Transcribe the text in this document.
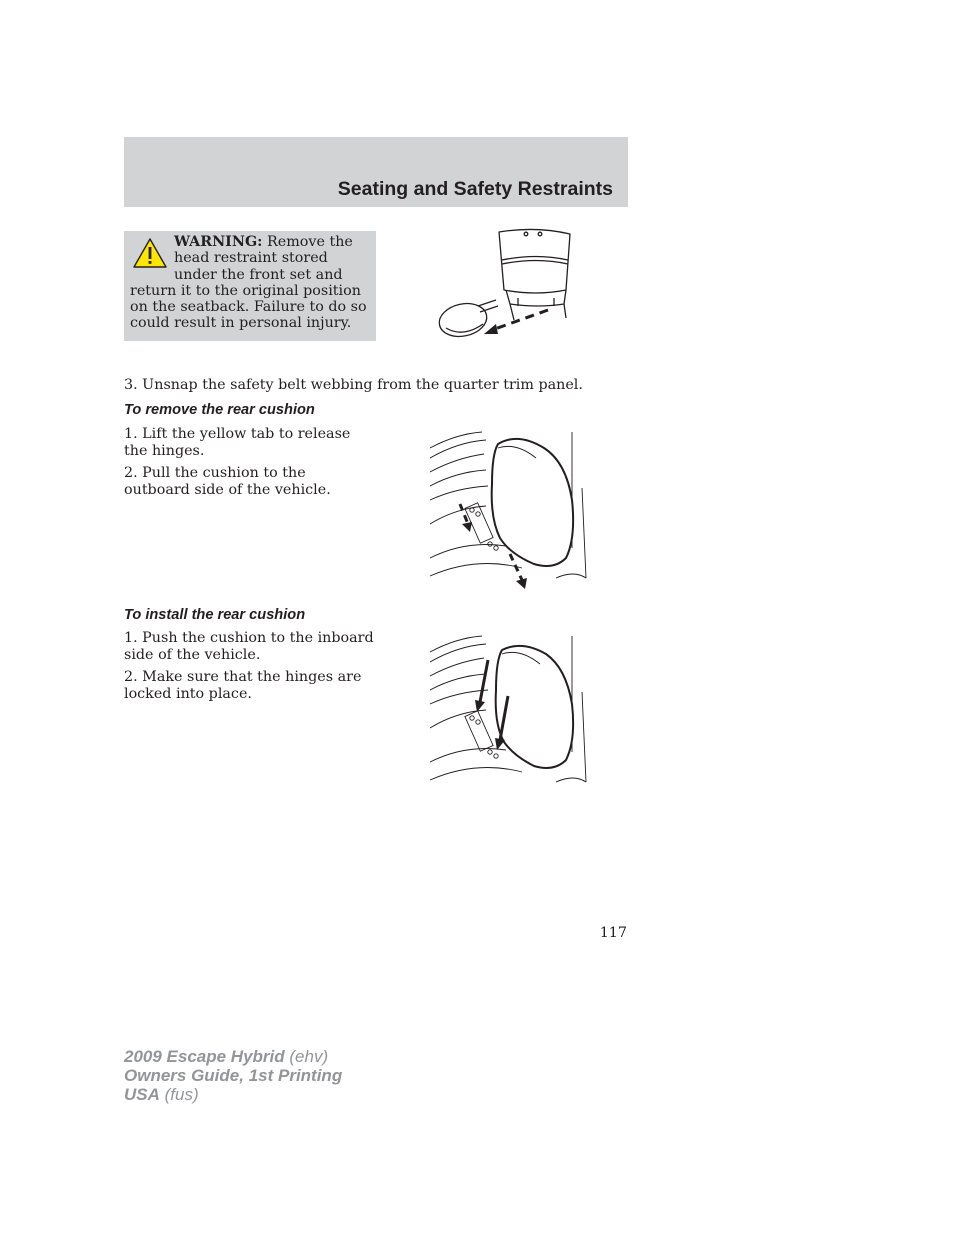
Seating and Safety Restraints
WARNING: Remove the head restraint stored under the front set and return it to the original position on the seatback. Failure to do so could result in personal injury.
3. Unsnap the safety belt webbing from the quarter trim panel.
To remove the rear cushion

1. Lift the yellow tab to release the hinges.

2. Pull the cushion to the outboard side of the vehicle.

To install the rear cushion

1. Push the cushion to the inboard side of the vehicle.

2. Make sure that the hinges are locked into place.

117
2009 Escape Hybrid (ehv)
Owners Guide, 1st Printing
USA (fus)
